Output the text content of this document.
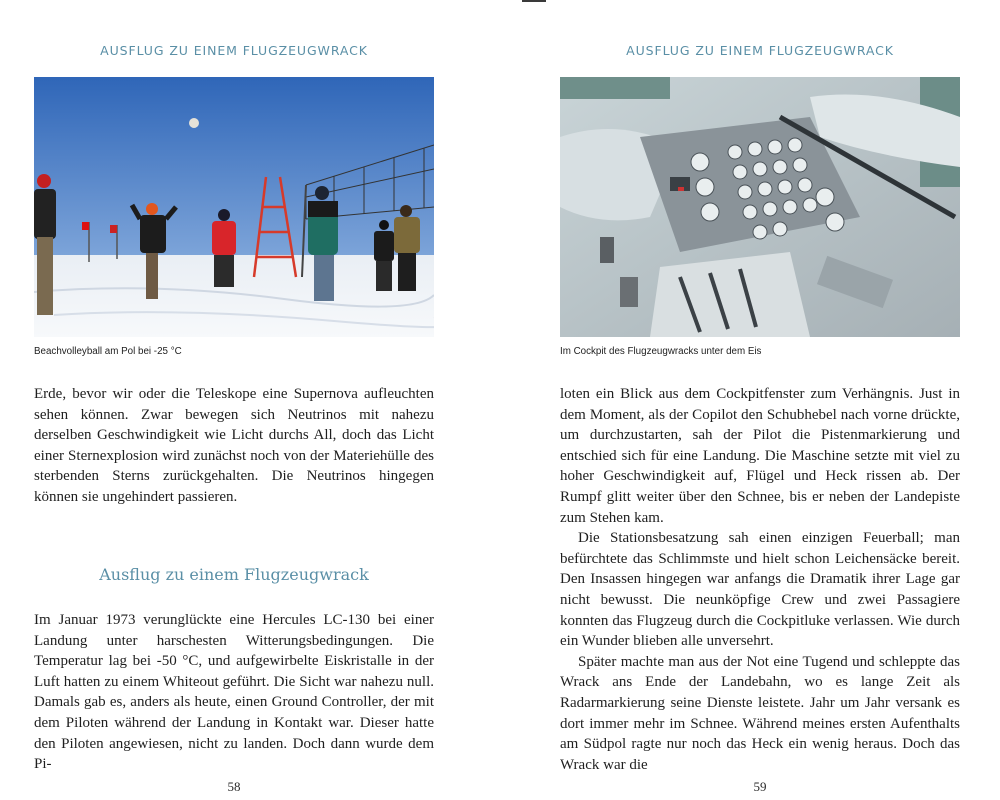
AUSFLUG ZU EINEM FLUGZEUGWRACK
Beachvolleyball am Pol bei -25 °C

Erde, bevor wir oder die Teleskope eine Supernova aufleuchten sehen können. Zwar bewegen sich Neutrinos mit nahezu derselben Geschwindigkeit wie Licht durchs All, doch das Licht einer Sternexplosion wird zunächst noch von der Materiehülle des sterbenden Sterns zurückgehalten. Die Neutrinos hingegen können sie ungehindert passieren.

Ausflug zu einem Flugzeugwrack

Im Januar 1973 verunglückte eine Hercules LC-130 bei einer Landung unter harschesten Witterungsbedingungen. Die Temperatur lag bei -50 °C, und aufgewirbelte Eiskristalle in der Luft hatten zu einem Whiteout geführt. Die Sicht war nahezu null. Damals gab es, anders als heute, einen Ground Controller, der mit dem Piloten während der Landung in Kontakt war. Dieser hatte den Piloten angewiesen, nicht zu landen. Doch dann wurde dem Pi-

58
AUSFLUG ZU EINEM FLUGZEUGWRACK
Im Cockpit des Flugzeugwracks unter dem Eis

loten ein Blick aus dem Cockpitfenster zum Verhängnis. Just in dem Moment, als der Copilot den Schubhebel nach vorne drückte, um durchzustarten, sah der Pilot die Pistenmarkierung und entschied sich für eine Landung. Die Maschine setzte mit viel zu hoher Geschwindigkeit auf, Flügel und Heck rissen ab. Der Rumpf glitt weiter über den Schnee, bis er neben der Landepiste zum Stehen kam.

Die Stationsbesatzung sah einen einzigen Feuerball; man befürchtete das Schlimmste und hielt schon Leichensäcke bereit. Den Insassen hingegen war anfangs die Dramatik ihrer Lage gar nicht bewusst. Die neunköpfige Crew und zwei Passagiere konnten das Flugzeug durch die Cockpitluke verlassen. Wie durch ein Wunder blieben alle unversehrt.

Später machte man aus der Not eine Tugend und schleppte das Wrack ans Ende der Landebahn, wo es lange Zeit als Radarmarkierung seine Dienste leistete. Jahr um Jahr versank es dort immer mehr im Schnee. Während meines ersten Aufenthalts am Südpol ragte nur noch das Heck ein wenig heraus. Doch das Wrack war die

59
